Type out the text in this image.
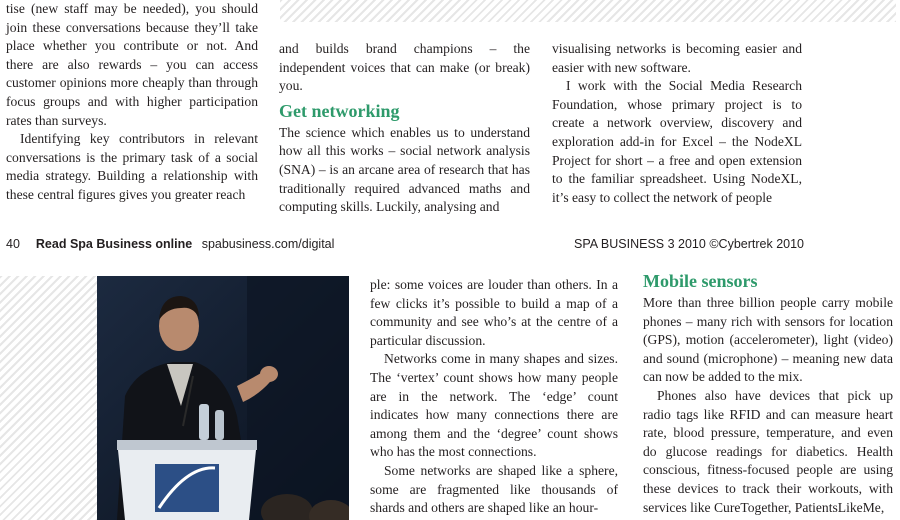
tise (new staff may be needed), you should join these conversations because they’ll take place whether you contribute or not. And there are also rewards – you can access customer opinions more cheaply than through focus groups and with higher participation rates than surveys.

Identifying key contributors in relevant conversations is the primary task of a social media strategy. Building a relationship with these central figures gives you greater reach

and builds brand champions – the independent voices that can make (or break) you.

Get networking

The science which enables us to understand how all this works – social network analysis (SNA) – is an arcane area of research that has traditionally required advanced maths and computing skills. Luckily, analysing and

visualising networks is becoming easier and easier with new software.

I work with the Social Media Research Foundation, whose primary project is to create a network overview, discovery and exploration add-in for Excel – the NodeXL Project for short – a free and open extension to the familiar spreadsheet. Using NodeXL, it’s easy to collect the network of people

40 Read Spa Business online spabusiness.com/digital	SPA BUSINESS 3 2010 ©Cybertrek 2010

ple: some voices are louder than others. In a few clicks it’s possible to build a map of a community and see who’s at the centre of a particular discussion.

Networks come in many shapes and sizes. The ‘vertex’ count shows how many people are in the network. The ‘edge’ count indicates how many connections there are among them and the ‘degree’ count shows who has the most connections.

Some networks are shaped like a sphere, some are fragmented like thousands of shards and others are shaped like an hour-

Mobile sensors

More than three billion people carry mobile phones – many rich with sensors for location (GPS), motion (accelerometer), light (video) and sound (microphone) – meaning new data can now be added to the mix.

Phones also have devices that pick up radio tags like RFID and can measure heart rate, blood pressure, temperature, and even do glucose readings for diabetics. Health conscious, fitness-focused people are using these devices to track their workouts, with services like CureTogether, PatientsLikeMe,
